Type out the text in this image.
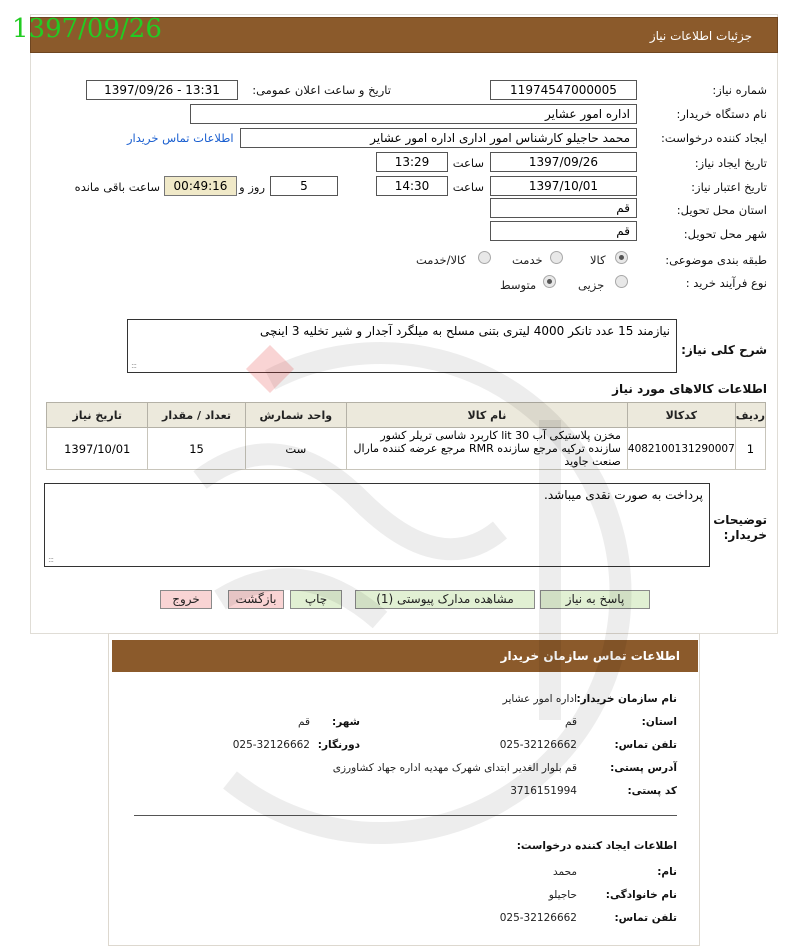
جزئیات اطلاعات نیاز
1397/09/26
شماره نیاز:
11974547000005
تاریخ و ساعت اعلان عمومی:
1397/09/26 - 13:31
نام دستگاه خریدار:
اداره امور عشایر
ایجاد کننده درخواست:
محمد حاجیلو کارشناس امور اداری اداره امور عشایر
اطلاعات تماس خریدار
تاریخ ایجاد نیاز:
1397/09/26
ساعت
13:29
تاریخ اعتبار نیاز:
1397/10/01
ساعت
14:30
5
روز و
00:49:16
ساعت باقی مانده
استان محل تحویل:
قم
شهر محل تحویل:
قم
طبقه بندی موضوعی:
کالا
خدمت
کالا/خدمت
نوع فرآیند خرید :
جزیی
متوسط
شرح کلی نیاز:
نیازمند 15 عدد تانکر 4000 لیتری بتنی مسلح به میلگرد آجدار و شیر تخلیه 3 اینچی
:::
اطلاعات کالاهای مورد نیاز
ردیف	کدکالا	نام کالا	واحد شمارش	تعداد / مقدار	تاریخ نیاز
1	4082100131290007	مخزن پلاستیکی آب 30 lit کاربرد شاسی تریلر کشور سازنده ترکیه مرجع سازنده RMR مرجع عرضه کننده مارال صنعت جاوید	ست	15	1397/10/01
توضیحات خریدار:
پرداخت به صورت نقدی میباشد.
:::
پاسخ به نیاز
مشاهده مدارک پیوستی (1)
چاپ
بازگشت
خروج
اطلاعات تماس سازمان خریدار
نام سازمان خریدار:
اداره امور عشایر
استان:
قم
شهر:
قم
تلفن تماس:
025-32126662
دورنگار:
025-32126662
آدرس پستی:
قم بلوار الغدیر ابتدای شهرک مهدیه اداره جهاد کشاورزی
کد پستی:
3716151994
اطلاعات ایجاد کننده درخواست:
نام:
محمد
نام خانوادگی:
حاجیلو
تلفن تماس:
025-32126662
